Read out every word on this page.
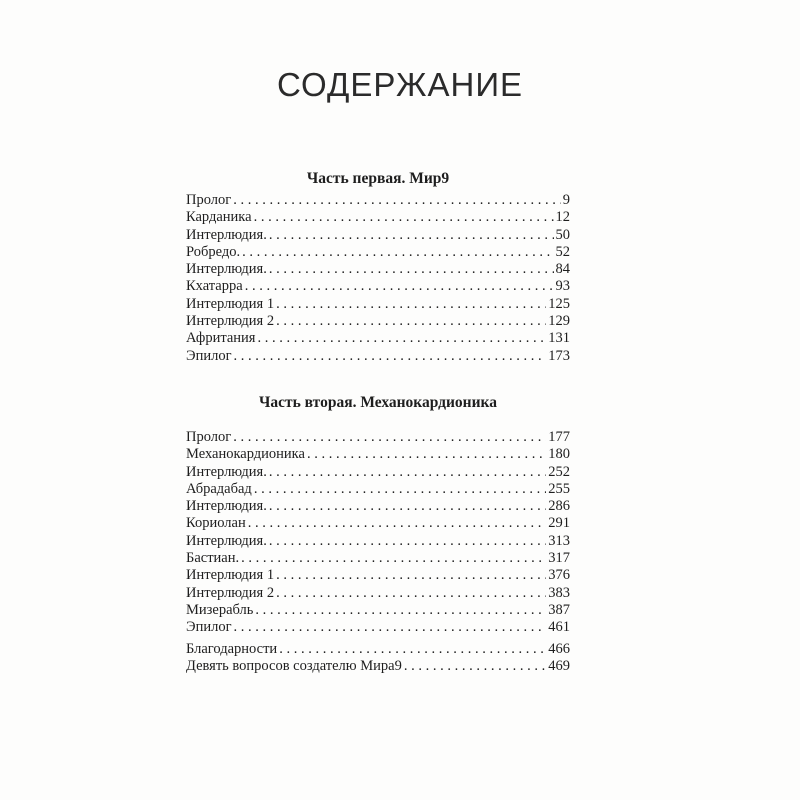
СОДЕРЖАНИЕ
Часть первая. Мир9
Пролог . . .	9
Карданика . . .	12
Интерлюдия. . . .	50
Робредо. . . .	52
Интерлюдия. . . .	84
Кхатарра . . .	93
Интерлюдия 1 . . .	125
Интерлюдия 2 . . .	129
Афритания . . .	131
Эпилог . . .	173
Часть вторая. Механокардионика
Пролог . . .	177
Механокардионика . . .	180
Интерлюдия. . . .	252
Абрадабад . . .	255
Интерлюдия. . . .	286
Кориолан . . .	291
Интерлюдия. . . .	313
Бастиан. . . .	317
Интерлюдия 1 . . .	376
Интерлюдия 2 . . .	383
Мизерабль . . .	387
Эпилог . . .	461
Благодарности . . .	466
Девять вопросов создателю Мира9 . . .	469
